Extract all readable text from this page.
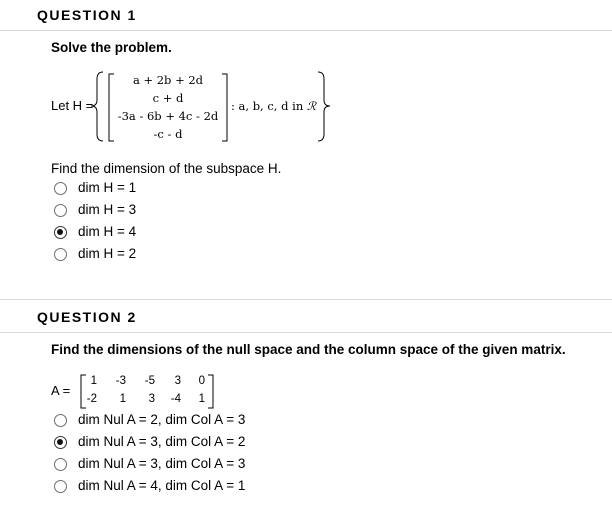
QUESTION 1
Solve the problem.
Let H =
a + 2b + 2d
c + d
-3a - 6b + 4c - 2d
-c - d
: a, b, c, d in ℛ
Find the dimension of the subspace H.
dim H = 1
dim H = 3
dim H = 4
dim H = 2
QUESTION 2
Find the dimensions of the null space and the column space of the given matrix.
A =
1	-3	-5	3	0
-2	1	3	-4	1
dim Nul A = 2, dim Col A = 3
dim Nul A = 3, dim Col A = 2
dim Nul A = 3, dim Col A = 3
dim Nul A = 4, dim Col A = 1
